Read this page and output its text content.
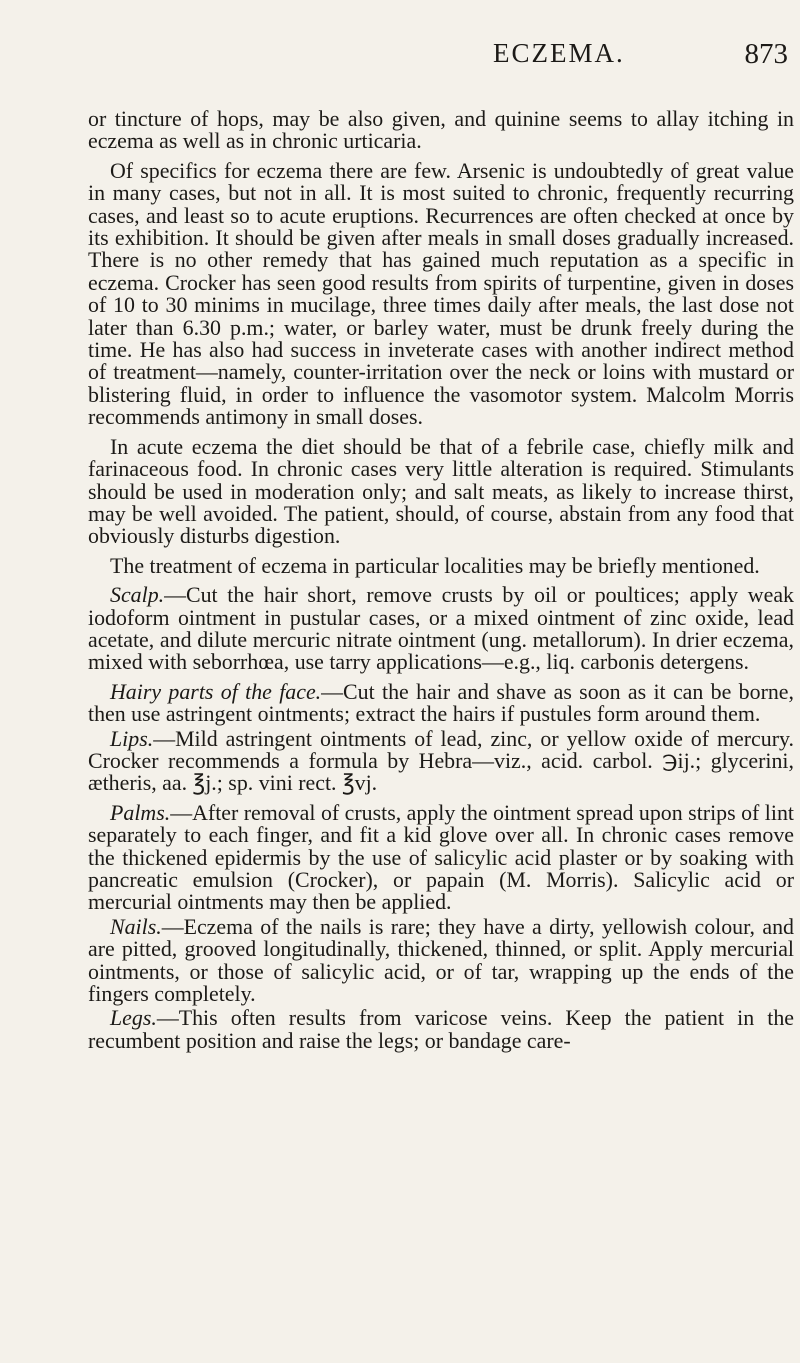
ECZEMA.	873

or tincture of hops, may be also given, and quinine seems to allay itching in eczema as well as in chronic urticaria.

Of specifics for eczema there are few. Arsenic is undoubtedly of great value in many cases, but not in all. It is most suited to chronic, frequently recurring cases, and least so to acute eruptions. Recurrences are often checked at once by its exhibition. It should be given after meals in small doses gradually increased. There is no other remedy that has gained much reputation as a specific in eczema. Crocker has seen good results from spirits of turpentine, given in doses of 10 to 30 minims in mucilage, three times daily after meals, the last dose not later than 6.30 p.m.; water, or barley water, must be drunk freely during the time. He has also had success in inveterate cases with another indirect method of treatment—namely, counter-irritation over the neck or loins with mustard or blistering fluid, in order to influence the vasomotor system. Malcolm Morris recommends antimony in small doses.

In acute eczema the diet should be that of a febrile case, chiefly milk and farinaceous food. In chronic cases very little alteration is required. Stimulants should be used in moderation only; and salt meats, as likely to increase thirst, may be well avoided. The patient, should, of course, abstain from any food that obviously disturbs digestion.

The treatment of eczema in particular localities may be briefly mentioned.

Scalp.—Cut the hair short, remove crusts by oil or poultices; apply weak iodoform ointment in pustular cases, or a mixed ointment of zinc oxide, lead acetate, and dilute mercuric nitrate ointment (ung. metallorum). In drier eczema, mixed with seborrhœa, use tarry applications—e.g., liq. carbonis detergens.

Hairy parts of the face.—Cut the hair and shave as soon as it can be borne, then use astringent ointments; extract the hairs if pustules form around them.

Lips.—Mild astringent ointments of lead, zinc, or yellow oxide of mercury. Crocker recommends a formula by Hebra—viz., acid. carbol. ℈ij.; glycerini, ætheris, aa. ℥j.; sp. vini rect. ℥vj.

Palms.—After removal of crusts, apply the ointment spread upon strips of lint separately to each finger, and fit a kid glove over all. In chronic cases remove the thickened epidermis by the use of salicylic acid plaster or by soaking with pancreatic emulsion (Crocker), or papain (M. Morris). Salicylic acid or mercurial ointments may then be applied.

Nails.—Eczema of the nails is rare; they have a dirty, yellowish colour, and are pitted, grooved longitudinally, thickened, thinned, or split. Apply mercurial ointments, or those of salicylic acid, or of tar, wrapping up the ends of the fingers completely.

Legs.—This often results from varicose veins. Keep the patient in the recumbent position and raise the legs; or bandage care-
